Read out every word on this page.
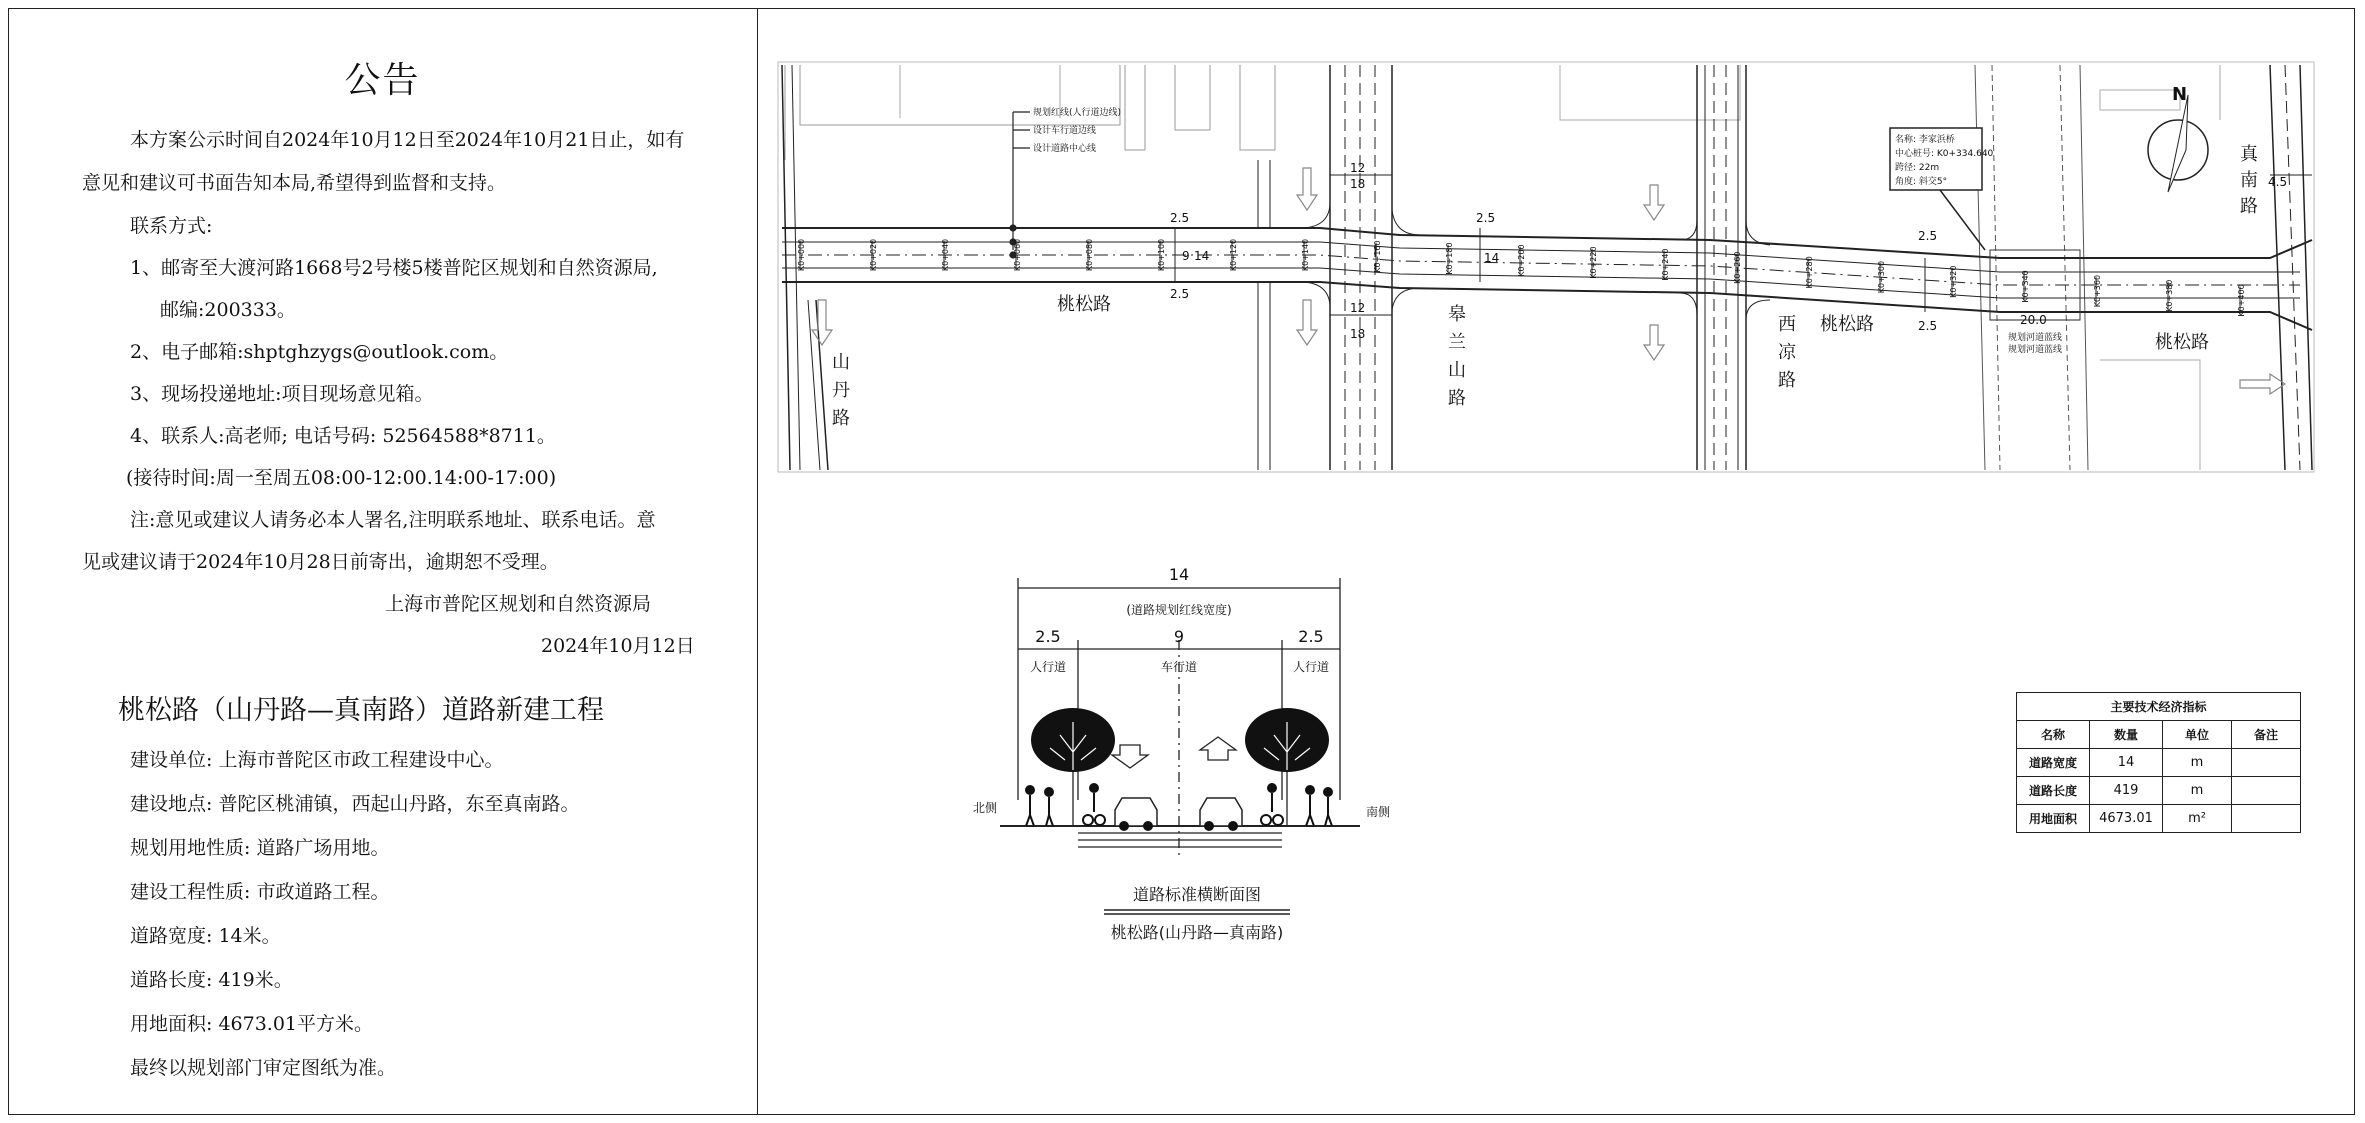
公告
本方案公示时间自2024年10月12日至2024年10月21日止，如有
意见和建议可书面告知本局,希望得到监督和支持。
联系方式:
1、邮寄至大渡河路1668号2号楼5楼普陀区规划和自然资源局,
邮编:200333。
2、电子邮箱:shptghzygs@outlook.com。
3、现场投递地址:项目现场意见箱。
4、联系人:高老师; 电话号码: 52564588*8711。
(接待时间:周一至周五08:00-12:00.14:00-17:00)
注:意见或建议人请务必本人署名,注明联系地址、联系电话。意
见或建议请于2024年10月28日前寄出，逾期恕不受理。
上海市普陀区规划和自然资源局
2024年10月12日
桃松路（山丹路—真南路）道路新建工程
建设单位: 上海市普陀区市政工程建设中心。
建设地点: 普陀区桃浦镇，西起山丹路，东至真南路。
规划用地性质: 道路广场用地。
建设工程性质: 市政道路工程。
道路宽度: 14米。
道路长度: 419米。
用地面积: 4673.01平方米。
最终以规划部门审定图纸为准。
桃松路
桃松路
桃松路
山
丹
路
皋
兰
山
路
西
凉
路
真
南
路
规划红线(人行道边线)
设计车行道边线
设计道路中心线
名称: 李家浜桥
中心桩号: K0+334.640
跨径: 22m
角度: 斜交5°
规划河道蓝线
规划河道蓝线
20.0
12
18
12
18
2.5
9 14
2.5
2.5
14
2.5
2.5
4.5
N
14
2.5	9	2.5
(道路规划红线宽度)
人行道	车行道	人行道
北侧	南侧
道路标准横断面图
桃松路(山丹路—真南路)
K0+000	K0+020	K0+040	K0+060	K0+080	K0+100	K0+120	K0+140	K0+160	K0+180	K0+200	K0+220	K0+240	K0+260	K0+280	K0+300	K0+320	K0+340	K0+360	K0+380	K0+400
主要技术经济指标			
名称	数量	单位	备注
道路宽度	14	m	
道路长度	419	m	
用地面积	4673.01	m²	
